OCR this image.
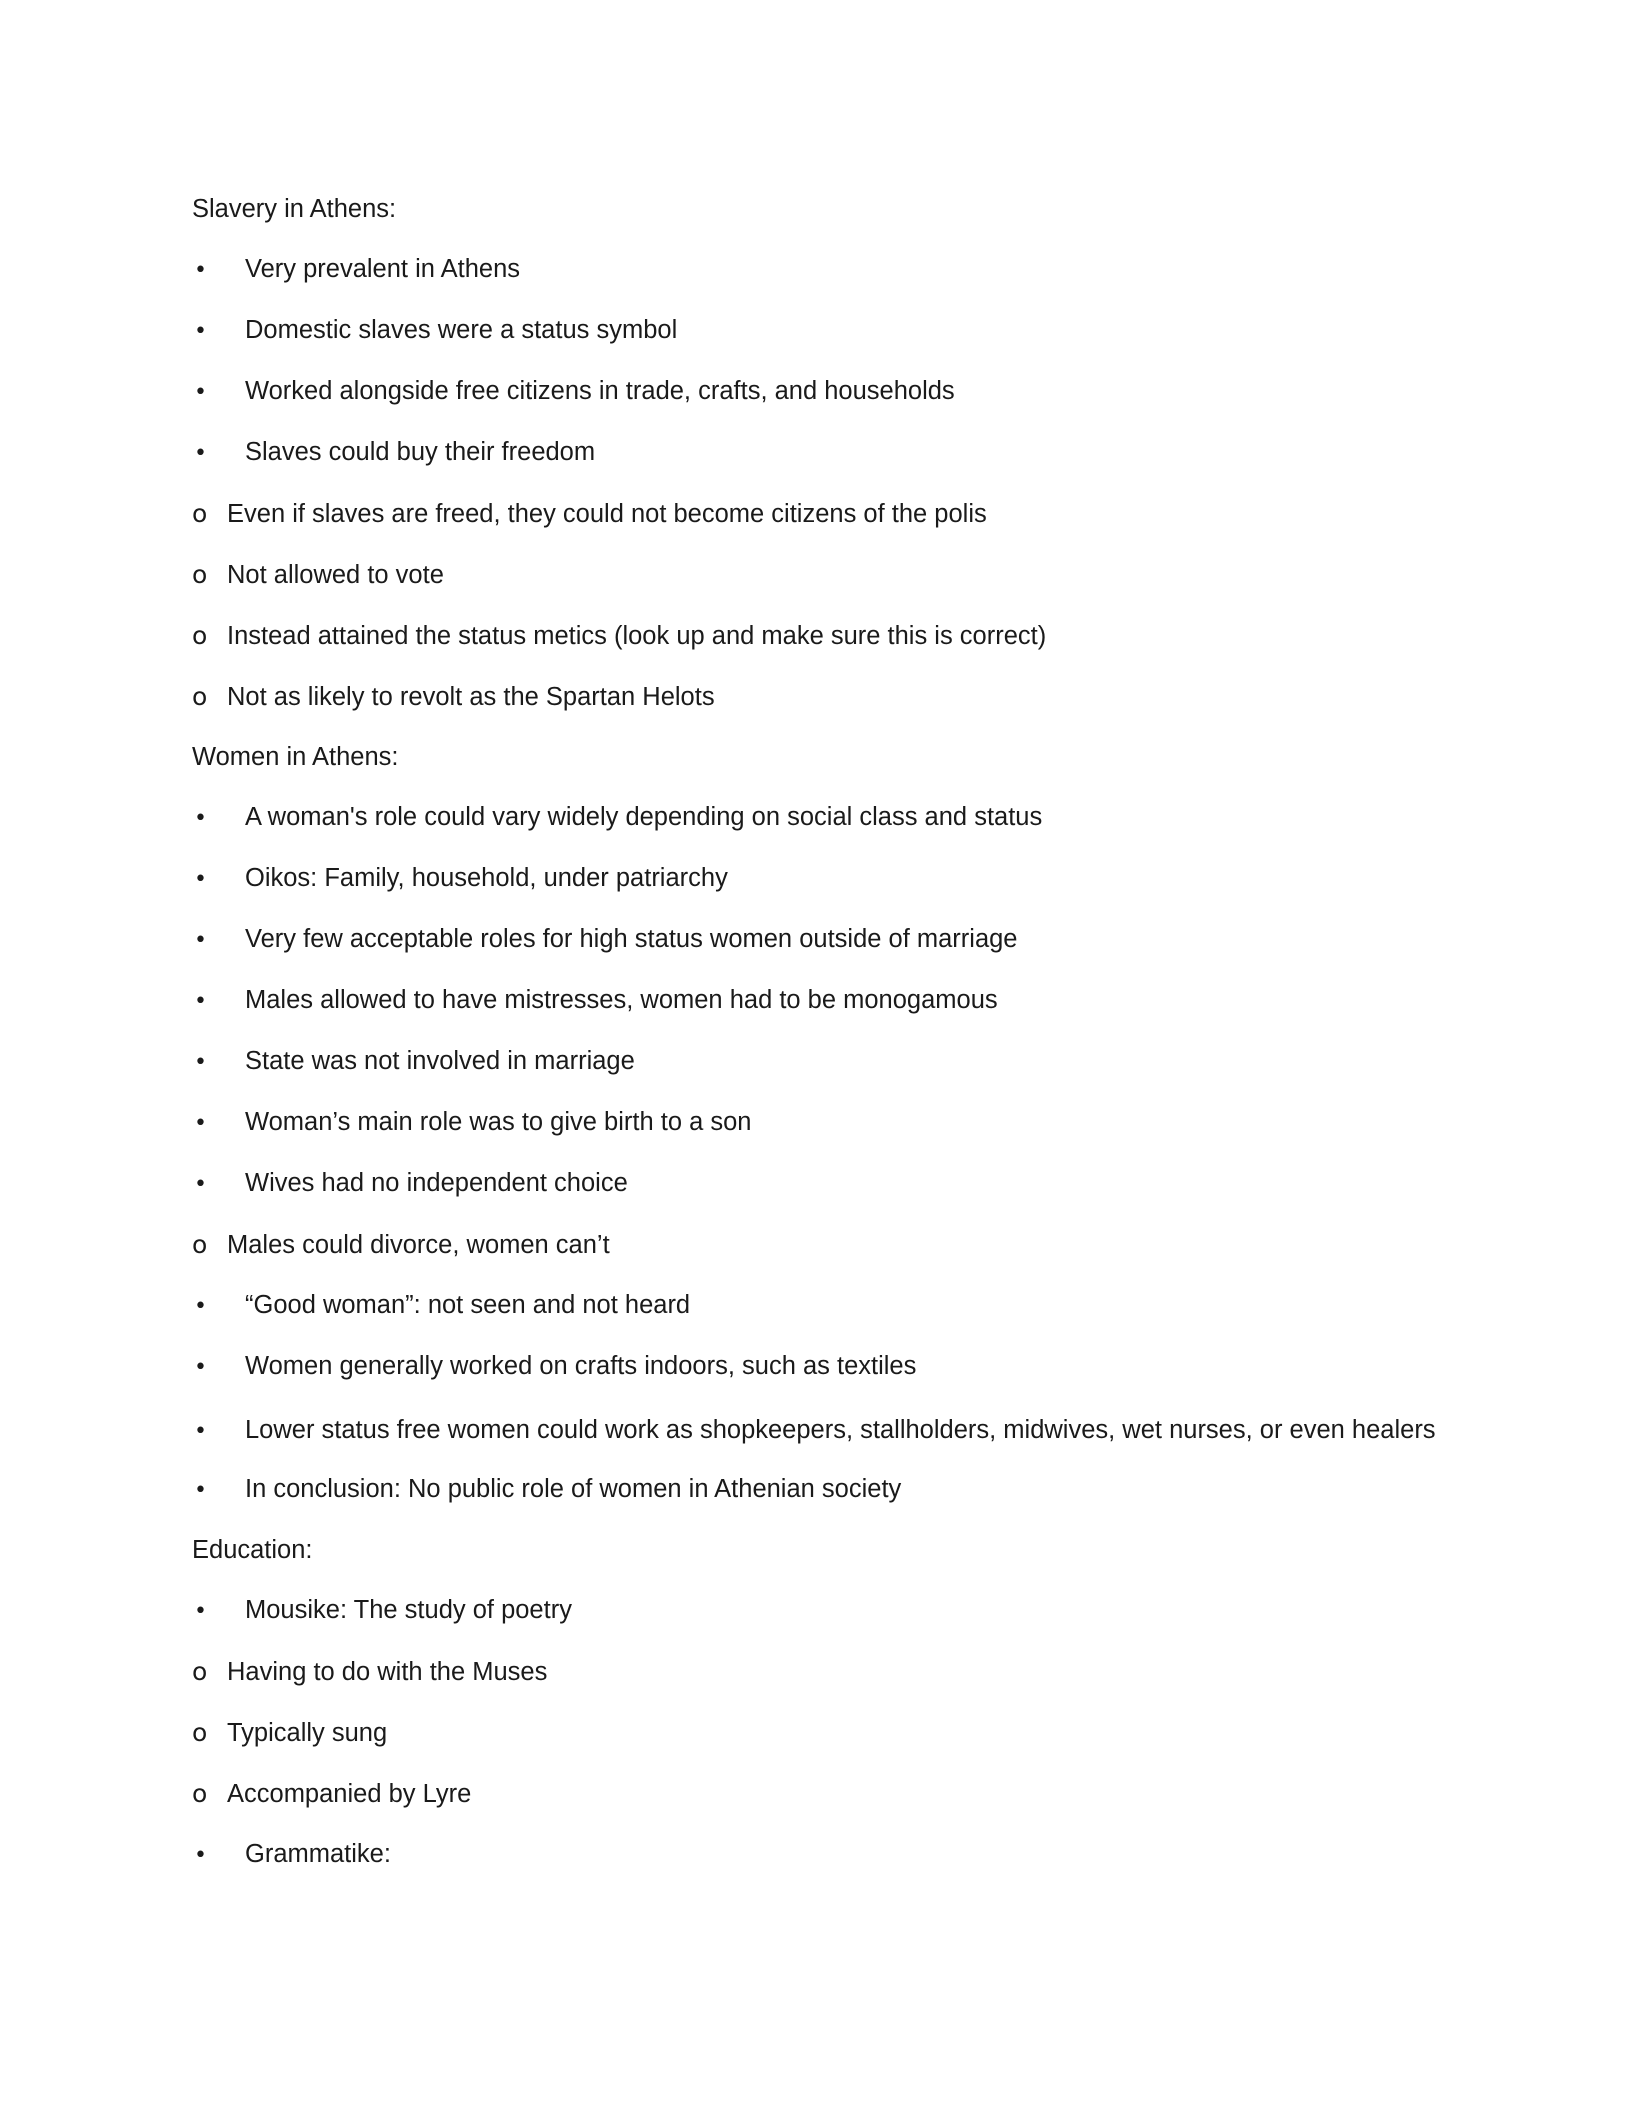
Slavery in Athens:
• Very prevalent in Athens
• Domestic slaves were a status symbol
• Worked alongside free citizens in trade, crafts, and households
• Slaves could buy their freedom
o Even if slaves are freed, they could not become citizens of the polis
o Not allowed to vote
o Instead attained the status metics (look up and make sure this is correct)
o Not as likely to revolt as the Spartan Helots
Women in Athens:
• A woman's role could vary widely depending on social class and status
• Oikos: Family, household, under patriarchy
• Very few acceptable roles for high status women outside of marriage
• Males allowed to have mistresses, women had to be monogamous
• State was not involved in marriage
• Woman’s main role was to give birth to a son
• Wives had no independent choice
o Males could divorce, women can’t
• “Good woman”: not seen and not heard
• Women generally worked on crafts indoors, such as textiles
• Lower status free women could work as shopkeepers, stallholders, midwives, wet nurses, or even healers
• In conclusion: No public role of women in Athenian society
Education:
• Mousike: The study of poetry
o Having to do with the Muses
o Typically sung
o Accompanied by Lyre
• Grammatike:
